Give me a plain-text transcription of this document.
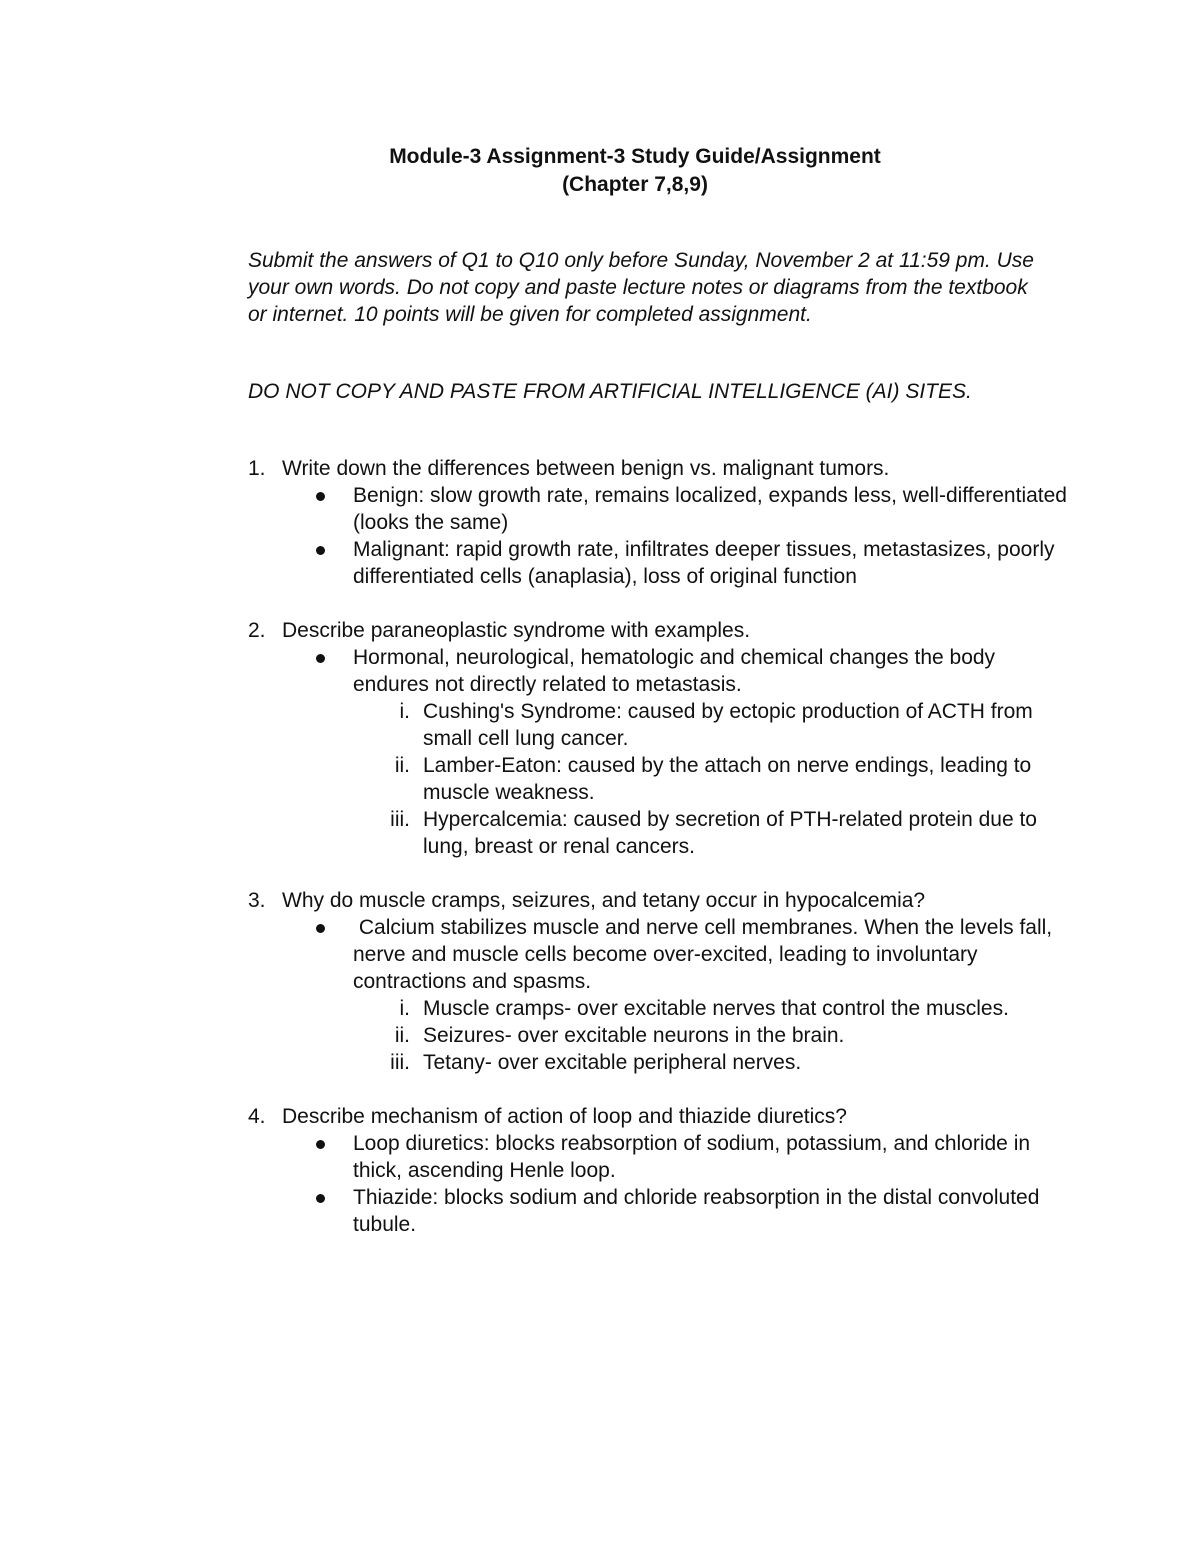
Module-3 Assignment-3 Study Guide/Assignment
(Chapter 7,8,9)
Submit the answers of Q1 to Q10 only before Sunday, November 2 at 11:59 pm. Use your own words. Do not copy and paste lecture notes or diagrams from the textbook or internet. 10 points will be given for completed assignment.
DO NOT COPY AND PASTE FROM ARTIFICIAL INTELLIGENCE (AI) SITES.
1. Write down the differences between benign vs. malignant tumors.
Benign: slow growth rate, remains localized, expands less, well-differentiated (looks the same)
Malignant: rapid growth rate, infiltrates deeper tissues, metastasizes, poorly differentiated cells (anaplasia), loss of original function
2. Describe paraneoplastic syndrome with examples.
Hormonal, neurological, hematologic and chemical changes the body endures not directly related to metastasis.
i. Cushing's Syndrome: caused by ectopic production of ACTH from small cell lung cancer.
ii. Lamber-Eaton: caused by the attach on nerve endings, leading to muscle weakness.
iii. Hypercalcemia: caused by secretion of PTH-related protein due to lung, breast or renal cancers.
3. Why do muscle cramps, seizures, and tetany occur in hypocalcemia?
Calcium stabilizes muscle and nerve cell membranes. When the levels fall, nerve and muscle cells become over-excited, leading to involuntary contractions and spasms.
i. Muscle cramps- over excitable nerves that control the muscles.
ii. Seizures- over excitable neurons in the brain.
iii. Tetany- over excitable peripheral nerves.
4. Describe mechanism of action of loop and thiazide diuretics?
Loop diuretics: blocks reabsorption of sodium, potassium, and chloride in thick, ascending Henle loop.
Thiazide: blocks sodium and chloride reabsorption in the distal convoluted tubule.
